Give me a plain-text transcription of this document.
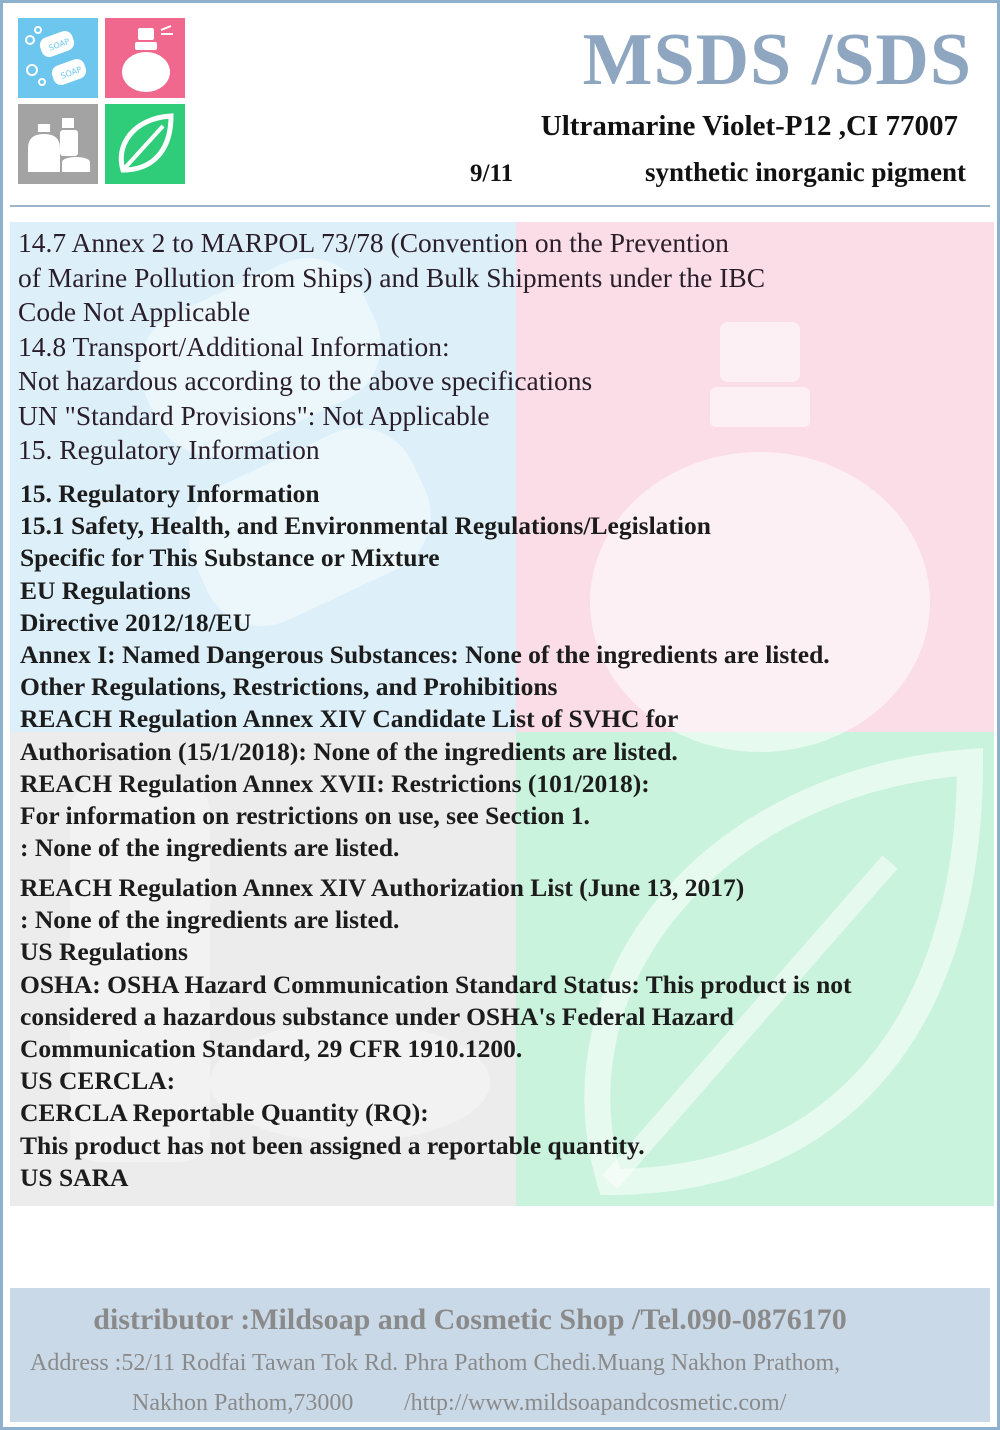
SOAP
SOAP	MSDS /SDS
Ultramarine Violet-P12 ,CI 77007
9/11	synthetic inorganic pigment

14.7 Annex 2 to MARPOL 73/78 (Convention on the Prevention

of Marine Pollution from Ships) and Bulk Shipments under the IBC

Code Not Applicable

14.8 Transport/Additional Information:

Not hazardous according to the above specifications

UN "Standard Provisions": Not Applicable

15. Regulatory Information

15. Regulatory Information

15.1 Safety, Health, and Environmental Regulations/Legislation

Specific for This Substance or Mixture

EU Regulations

Directive 2012/18/EU

Annex I: Named Dangerous Substances: None of the ingredients are listed.

Other Regulations, Restrictions, and Prohibitions

REACH Regulation Annex XIV Candidate List of SVHC for

Authorisation (15/1/2018): None of the ingredients are listed.

REACH Regulation Annex XVII: Restrictions (101/2018):

For information on restrictions on use, see Section 1.

: None of the ingredients are listed.

REACH Regulation Annex XIV Authorization List (June 13, 2017)

: None of the ingredients are listed.

US Regulations

OSHA: OSHA Hazard Communication Standard Status: This product is not

considered a hazardous substance under OSHA's Federal Hazard

Communication Standard, 29 CFR 1910.1200.

US CERCLA:

CERCLA Reportable Quantity (RQ):

This product has not been assigned a reportable quantity.

US SARA

distributor :Mildsoap and Cosmetic Shop /Tel.090-0876170
Address :52/11 Rodfai Tawan Tok Rd. Phra Pathom Chedi.Muang Nakhon Prathom,
Nakhon Pathom,73000 /http://www.mildsoapandcosmetic.com/
